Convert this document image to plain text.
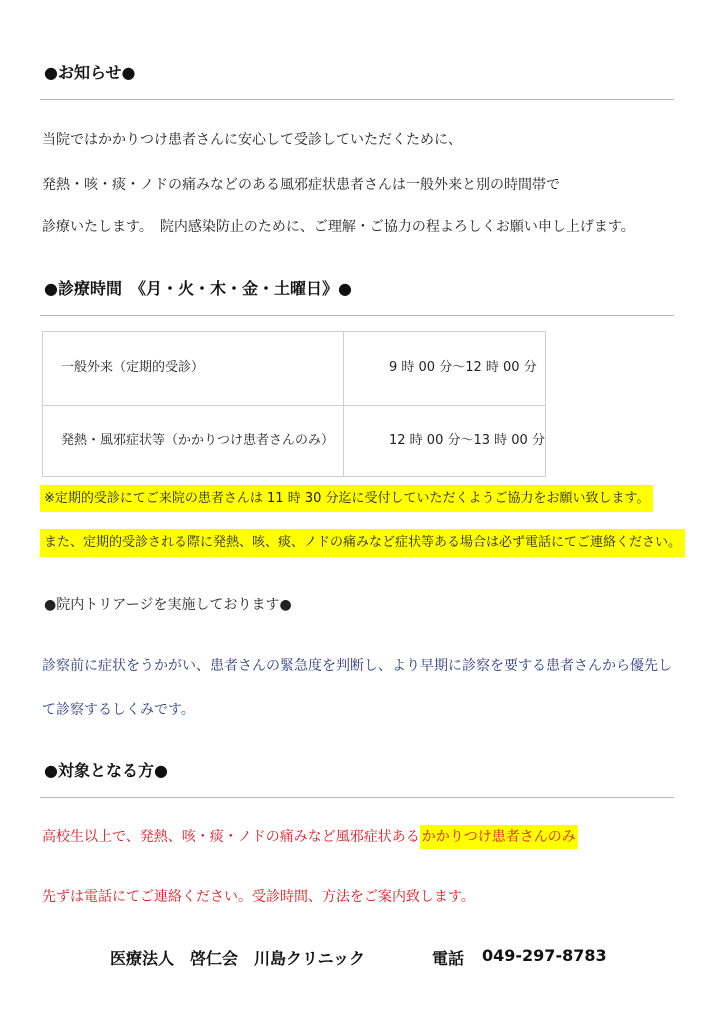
●お知らせ●
当院ではかかりつけ患者さんに安心して受診していただくために、
発熱・咳・痰・ノドの痛みなどのある風邪症状患者さんは一般外来と別の時間帯で
診療いたします。　院内感染防止のために、ご理解・ご協力の程よろしくお願い申し上げます。
●診療時間　《月・火・木・金・土曜日》●
一般外来（定期的受診）	9 時 00 分～12 時 00 分
発熱・風邪症状等（かかりつけ患者さんのみ）	12 時 00 分～13 時 00 分
※定期的受診にてご来院の患者さんは 11 時 30 分迄に受付していただくようご協力をお願い致します。
また、定期的受診される際に発熱、咳、痰、ノドの痛みなど症状等ある場合は必ず電話にてご連絡ください。
●院内トリアージを実施しております●
診察前に症状をうかがい、患者さんの緊急度を判断し、より早期に診察を要する患者さんから優先し
て診察するしくみです。
●対象となる方●
高校生以上で、発熱、咳・痰・ノドの痛みなど風邪症状ある かかりつけ患者さんのみ
先ずは電話にてご連絡ください。受診時間、方法をご案内致します。
医療法人　啓仁会　川島クリニック	電話 049-297-8783
